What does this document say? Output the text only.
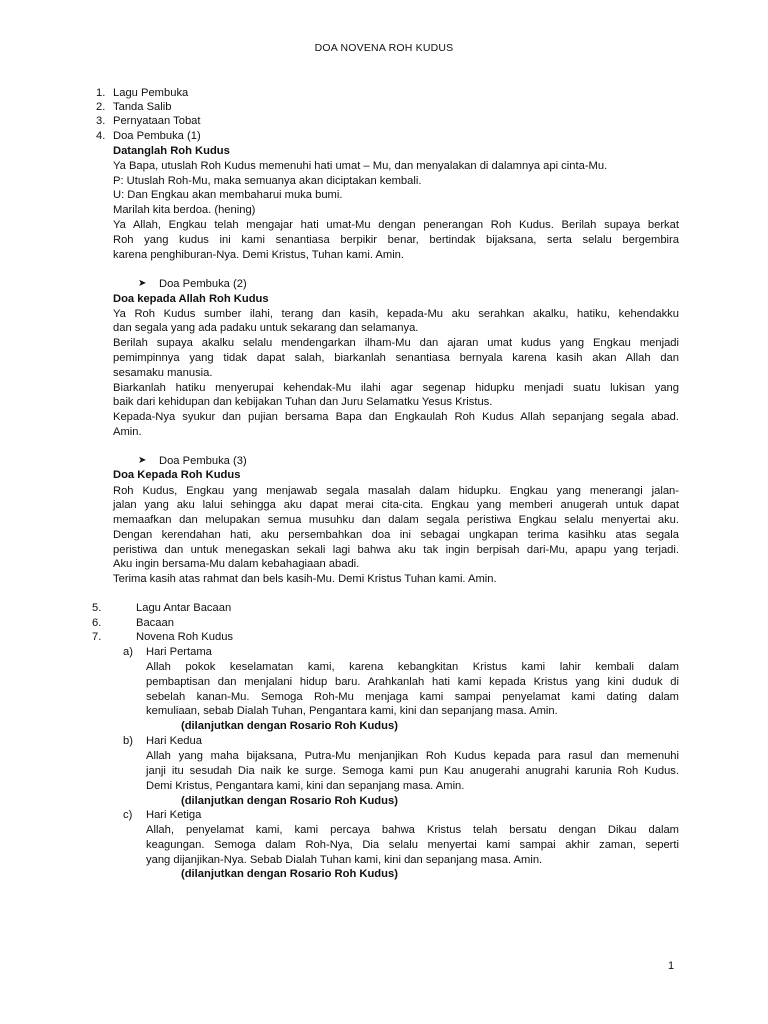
DOA NOVENA ROH KUDUS
1. Lagu Pembuka
2. Tanda Salib
3. Pernyataan Tobat
4. Doa Pembuka (1)
Datanglah Roh Kudus
Ya Bapa, utuslah Roh Kudus memenuhi hati umat – Mu, dan menyalakan di dalamnya api cinta-Mu.
P: Utuslah Roh-Mu, maka semuanya akan diciptakan kembali.
U: Dan Engkau akan membaharui muka bumi.
Marilah kita berdoa. (hening)
Ya Allah, Engkau telah mengajar hati umat-Mu dengan penerangan Roh Kudus. Berilah supaya berkat
Roh yang kudus ini kami senantiasa berpikir benar, bertindak bijaksana, serta selalu bergembira
karena penghiburan-Nya. Demi Kristus, Tuhan kami. Amin.
➤ Doa Pembuka (2)
Doa kepada Allah Roh Kudus
Ya Roh Kudus sumber ilahi, terang dan kasih, kepada-Mu aku serahkan akalku, hatiku, kehendakku
dan segala yang ada padaku untuk sekarang dan selamanya.
Berilah supaya akalku selalu mendengarkan ilham-Mu dan ajaran umat kudus yang Engkau menjadi
pemimpinnya yang tidak dapat salah, biarkanlah senantiasa bernyala karena kasih akan Allah dan
sesamaku manusia.
Biarkanlah hatiku menyerupai kehendak-Mu ilahi agar segenap hidupku menjadi suatu lukisan yang
baik dari kehidupan dan kebijakan Tuhan dan Juru Selamatku Yesus Kristus.
Kepada-Nya syukur dan pujian bersama Bapa dan Engkaulah Roh Kudus Allah sepanjang segala abad.
Amin.
➤ Doa Pembuka (3)
Doa Kepada Roh Kudus
Roh Kudus, Engkau yang menjawab segala masalah dalam hidupku. Engkau yang menerangi jalan-
jalan yang aku lalui sehingga aku dapat merai cita-cita. Engkau yang memberi anugerah untuk dapat
memaafkan dan melupakan semua musuhku dan dalam segala peristiwa Engkau selalu menyertai aku.
Dengan kerendahan hati, aku persembahkan doa ini sebagai ungkapan terima kasihku atas segala
peristiwa dan untuk menegaskan sekali lagi bahwa aku tak ingin berpisah dari-Mu, apapu yang terjadi.
Aku ingin bersama-Mu dalam kebahagiaan abadi.
Terima kasih atas rahmat dan bels kasih-Mu. Demi Kristus Tuhan kami. Amin.
5.	Lagu Antar Bacaan
6.	Bacaan
7.	Novena Roh Kudus
a) Hari Pertama
Allah pokok keselamatan kami, karena kebangkitan Kristus kami lahir kembali dalam
pembaptisan dan menjalani hidup baru. Arahkanlah hati kami kepada Kristus yang kini duduk di
sebelah kanan-Mu. Semoga Roh-Mu menjaga kami sampai penyelamat kami dating dalam
kemuliaan, sebab Dialah Tuhan, Pengantara kami, kini dan sepanjang masa. Amin.
(dilanjutkan dengan Rosario Roh Kudus)
b) Hari Kedua
Allah yang maha bijaksana, Putra-Mu menjanjikan Roh Kudus kepada para rasul dan memenuhi
janji itu sesudah Dia naik ke surge. Semoga kami pun Kau anugerahi anugrahi karunia Roh Kudus.
Demi Kristus, Pengantara kami, kini dan sepanjang masa. Amin.
(dilanjutkan dengan Rosario Roh Kudus)
c) Hari Ketiga
Allah, penyelamat kami, kami percaya bahwa Kristus telah bersatu dengan Dikau dalam
keagungan. Semoga dalam Roh-Nya, Dia selalu menyertai kami sampai akhir zaman, seperti
yang dijanjikan-Nya. Sebab Dialah Tuhan kami, kini dan sepanjang masa. Amin.
(dilanjutkan dengan Rosario Roh Kudus)
1
